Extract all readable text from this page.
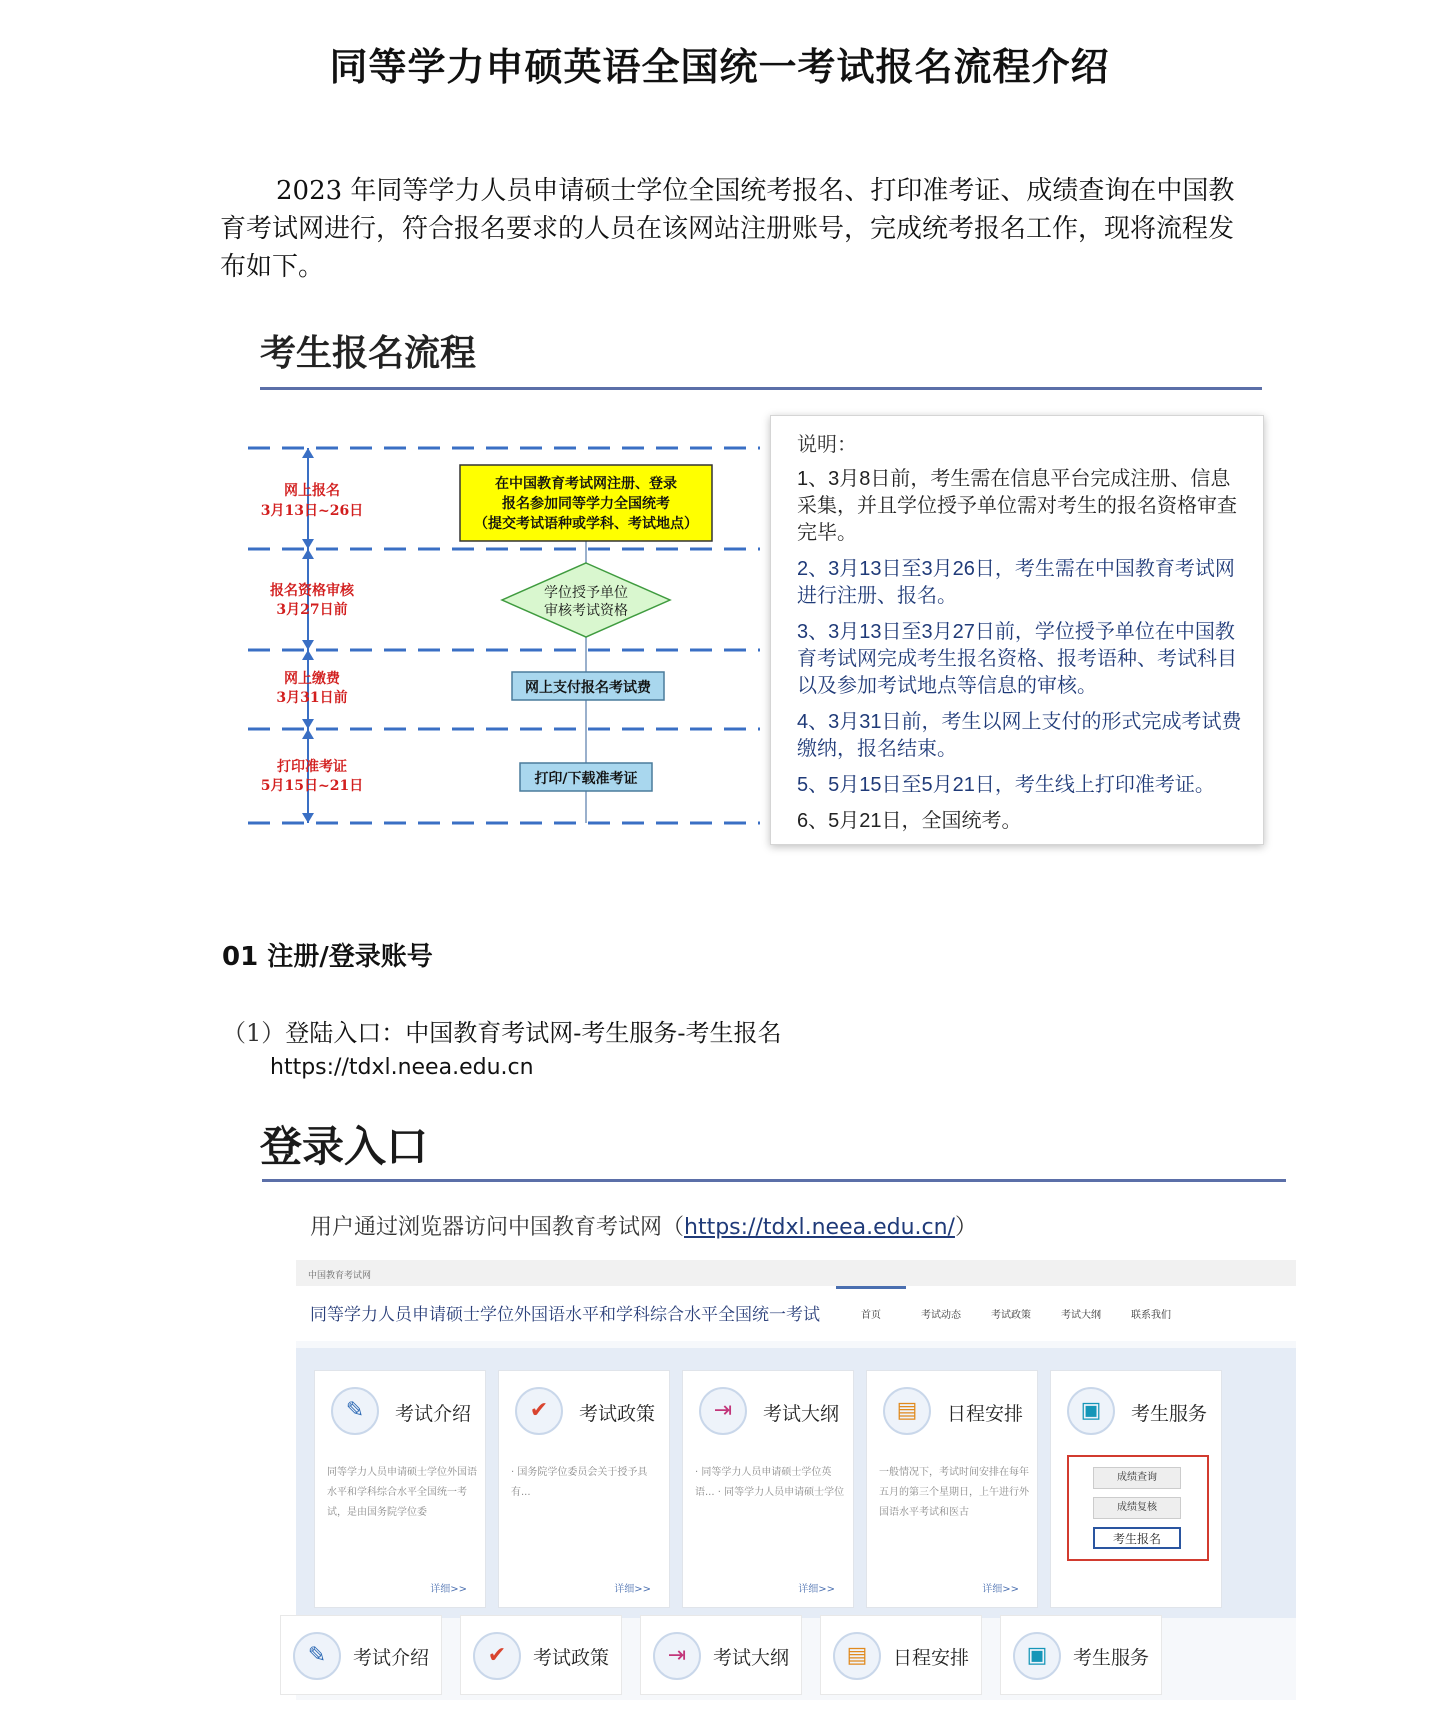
同等学力申硕英语全国统一考试报名流程介绍

2023 年同等学力人员申请硕士学位全国统考报名、打印准考证、成绩查询在中国教育考试网进行，符合报名要求的人员在该网站注册账号，完成统考报名工作，现将流程发布如下。

考生报名流程
网上报名
3月13日~26日
报名资格审核
3月27日前
网上缴费
3月31日前
打印准考证
5月15日~21日
在中国教育考试网注册、登录
报名参加同等学力全国统考
（提交考试语种或学科、考试地点）
学位授予单位
审核考试资格
网上支付报名考试费
打印/下载准考证
说明：
1、3月8日前，考生需在信息平台完成注册、信息采集，并且学位授予单位需对考生的报名资格审查完毕。
2、3月13日至3月26日，考生需在中国教育考试网进行注册、报名。
3、3月13日至3月27日前，学位授予单位在中国教育考试网完成考生报名资格、报考语种、考试科目以及参加考试地点等信息的审核。
4、3月31日前，考生以网上支付的形式完成考试费缴纳，报名结束。
5、5月15日至5月21日，考生线上打印准考证。
6、5月21日，全国统考。
01 注册/登录账号
（1）登陆入口：中国教育考试网-考生服务-考生报名
https://tdxl.neea.edu.cn
登录入口
用户通过浏览器访问中国教育考试网（https://tdxl.neea.edu.cn/）
中国教育考试网
同等学力人员申请硕士学位外国语水平和学科综合水平全国统一考试	首页	考试动态	考试政策	考试大纲	联系我们
✎	考试介绍
同等学力人员申请硕士学位外国语水平和学科综合水平全国统一考试，是由国务院学位委
详细>>
✔	考试政策
· 国务院学位委员会关于授予具有...
详细>>
⇥	考试大纲
· 同等学力人员申请硕士学位英语... · 同等学力人员申请硕士学位
详细>>
▤	日程安排
一般情况下，考试时间安排在每年五月的第三个星期日，上午进行外国语水平考试和医古
详细>>
▣	考生服务
成绩查询
成绩复核
考生报名
✎	考试介绍	✔	考试政策	⇥	考试大纲	▤	日程安排	▣	考生服务
